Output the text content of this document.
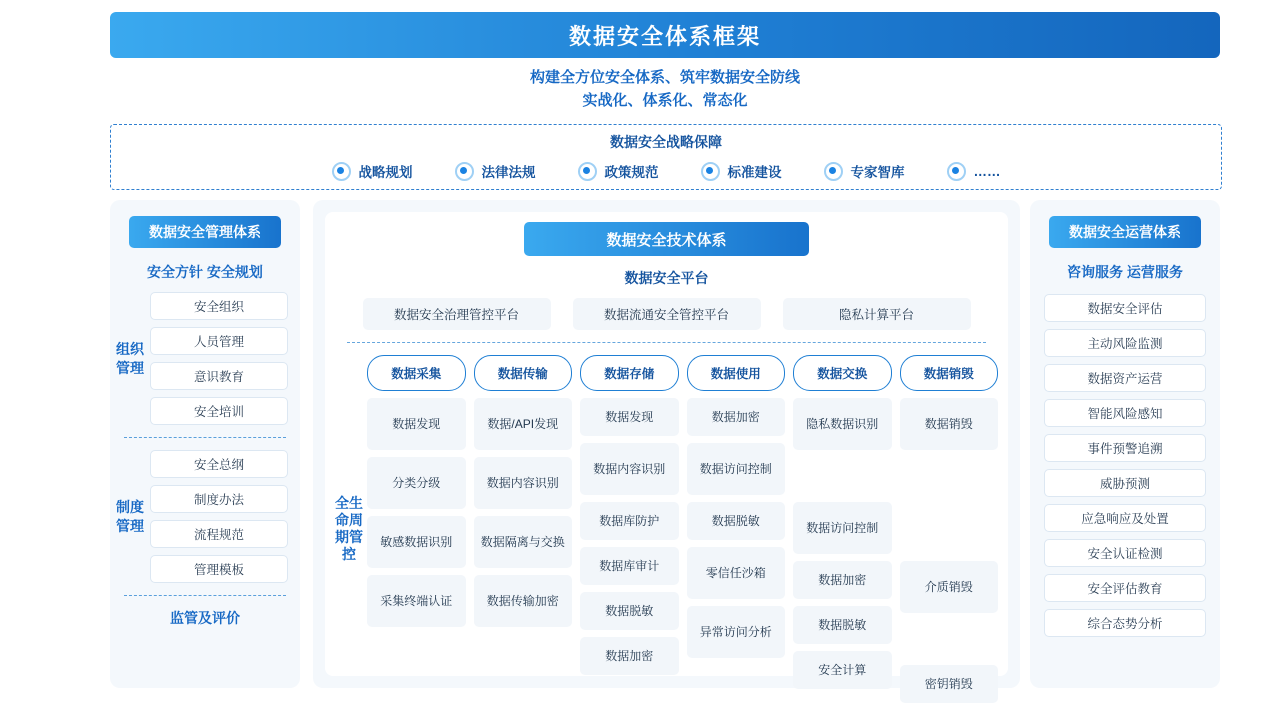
数据安全体系框架
构建全方位安全体系、筑牢数据安全防线
实战化、体系化、常态化
数据安全战略保障
战略规划	法律法规	政策规范	标准建设	专家智库	……
数据安全管理体系
安全方针 安全规划
组织管理
安全组织
人员管理
意识教育
安全培训
制度管理
安全总纲
制度办法
流程规范
管理模板
监管及评价
数据安全技术体系
数据安全平台
数据安全治理管控平台	数据流通安全管控平台	隐私计算平台
全生命周期管控
数据采集
数据发现
分类分级
敏感数据识别
采集终端认证
数据传输
数据/API发现
数据内容识别
数据隔离与交换
数据传输加密
数据存储
数据发现
数据内容识别
数据库防护
数据库审计
数据脱敏
数据加密
数据使用
数据加密
数据访问控制
数据脱敏
零信任沙箱
异常访问分析
数据交换
隐私数据识别
数据访问控制
数据加密
数据脱敏
安全计算
数据销毁
数据销毁
介质销毁
密钥销毁
数据安全运营体系
咨询服务 运营服务
数据安全评估
主动风险监测
数据资产运营
智能风险感知
事件预警追溯
威胁预测
应急响应及处置
安全认证检测
安全评估教育
综合态势分析
